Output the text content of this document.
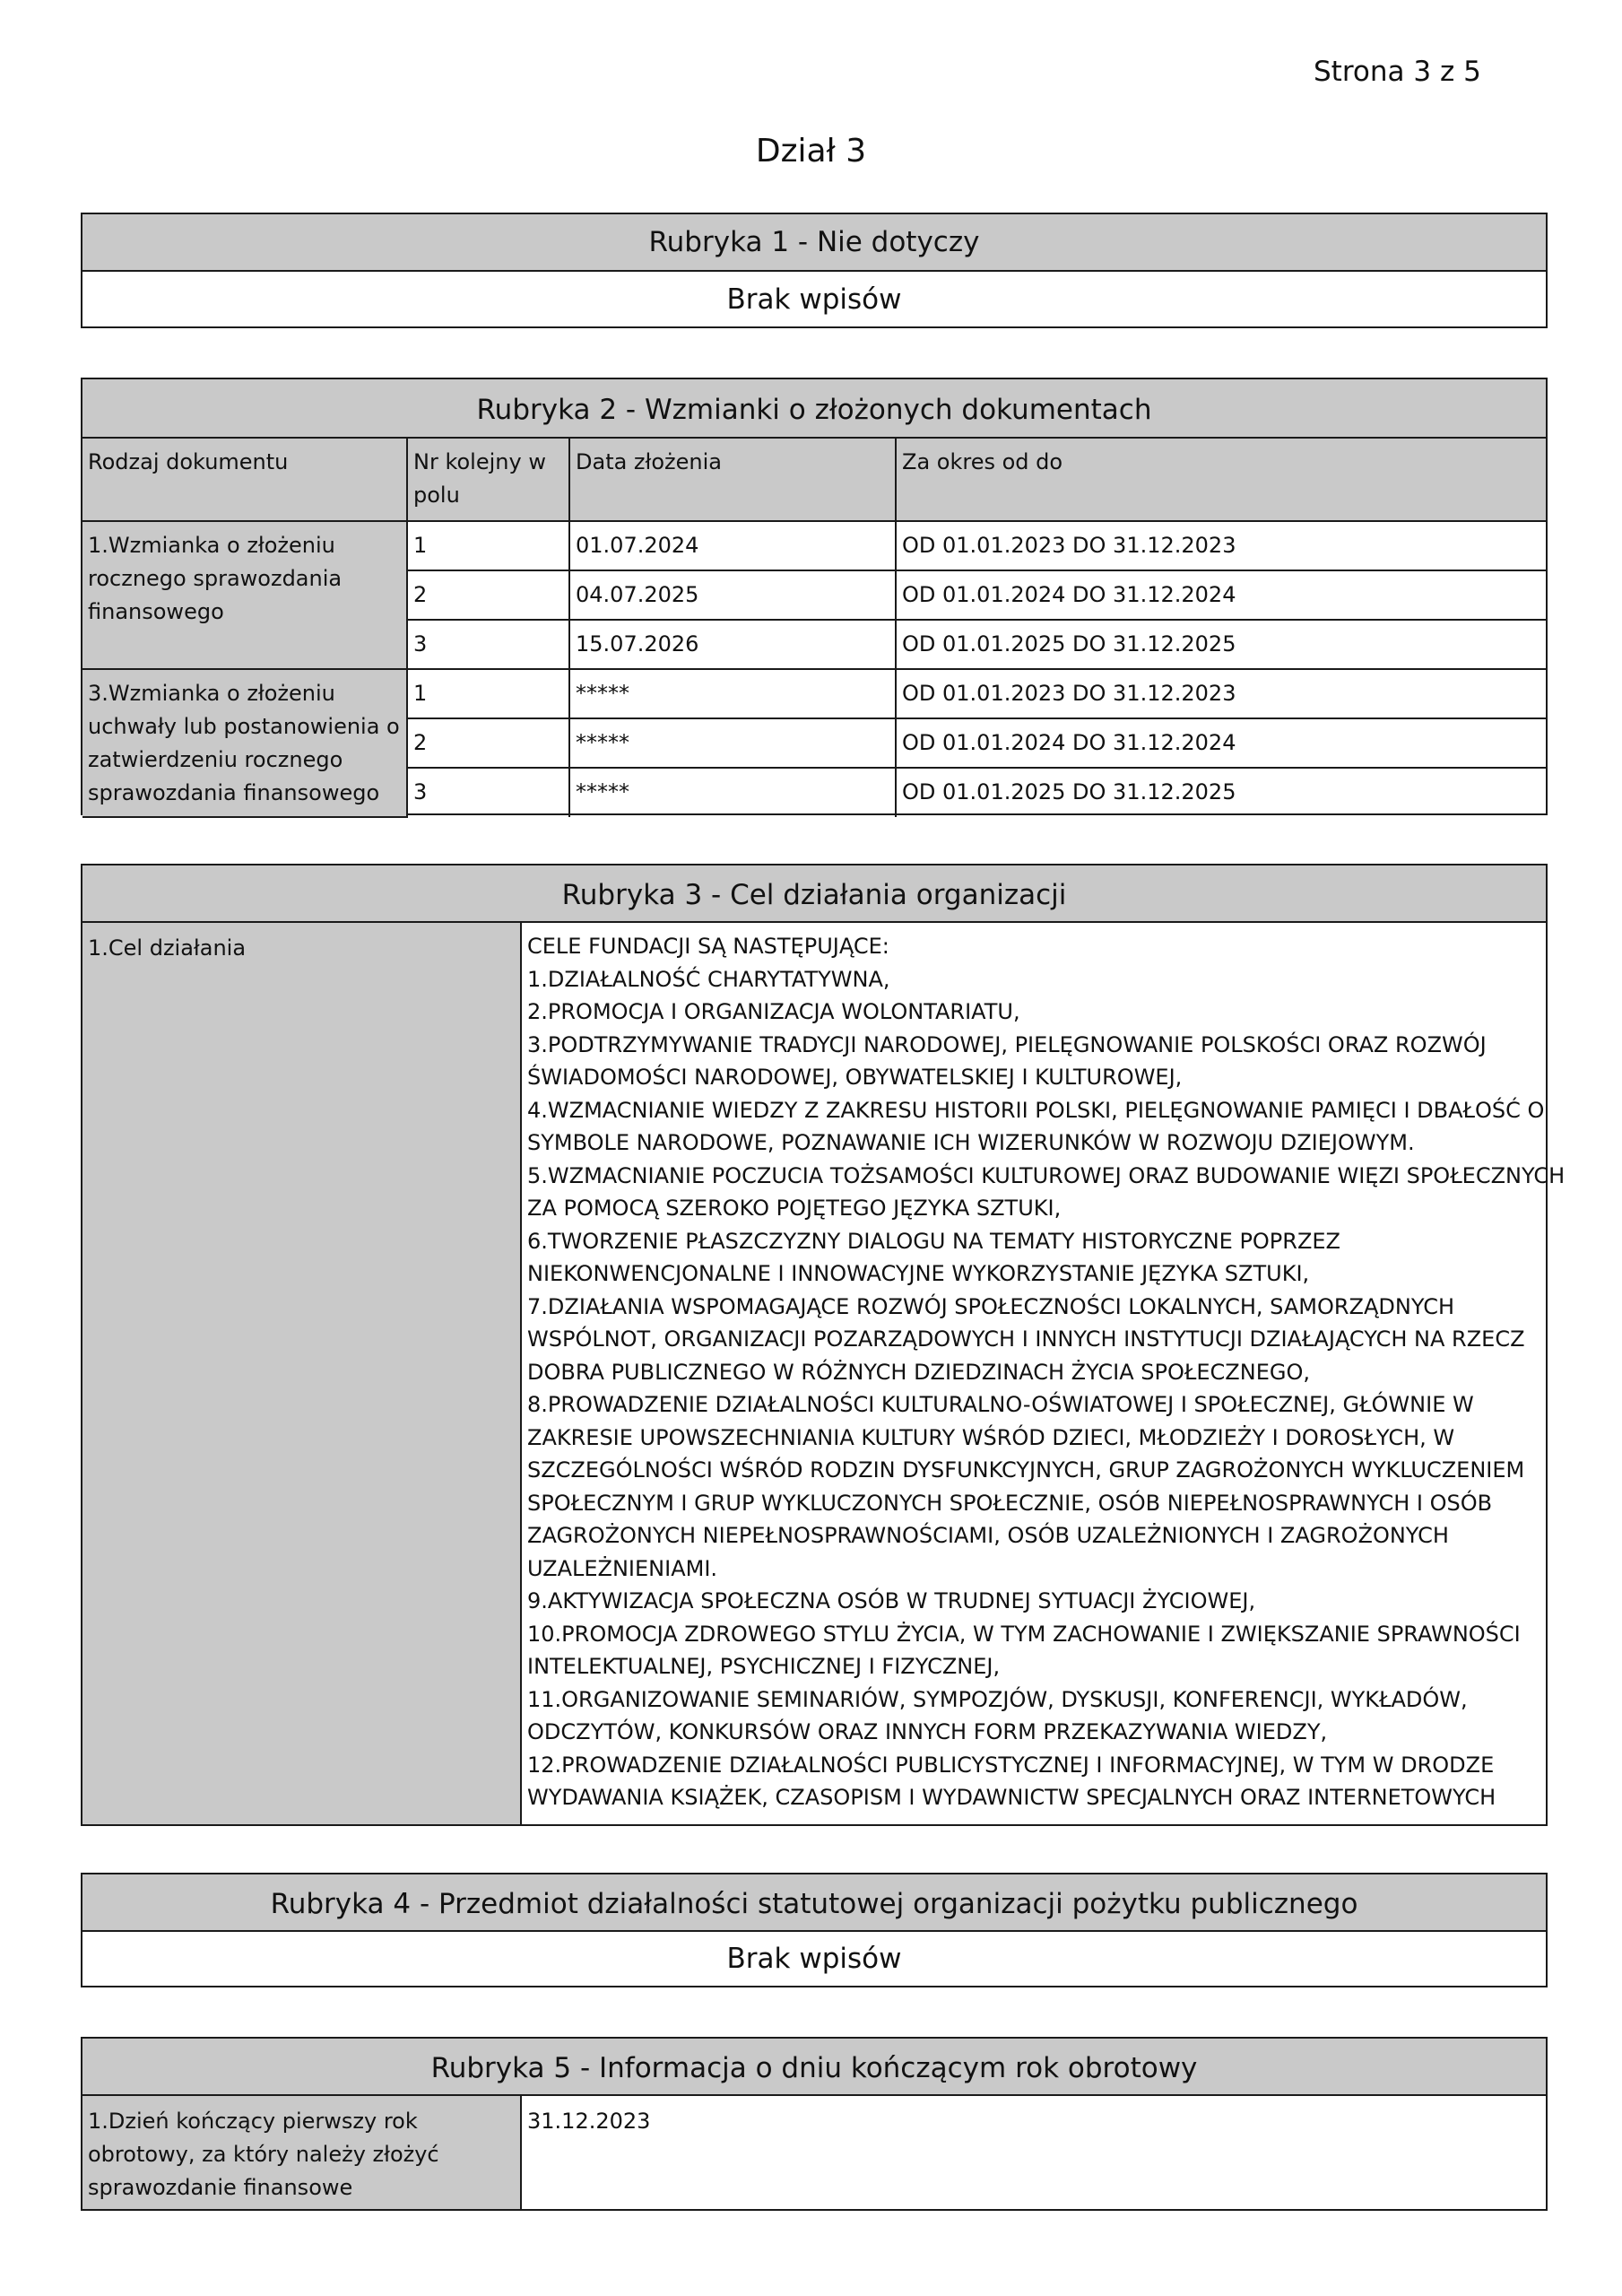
Strona 3 z 5
Dział 3
Rubryka 1 - Nie dotyczy
Brak wpisów
Rubryka 2 - Wzmianki o złożonych dokumentach
Rodzaj dokumentu	Nr kolejny w polu	Data złożenia	Za okres od do
1.Wzmianka o złożeniu rocznego sprawozdania finansowego	1	01.07.2024	OD 01.01.2023 DO 31.12.2023
	2	04.07.2025	OD 01.01.2024 DO 31.12.2024
	3	15.07.2026	OD 01.01.2025 DO 31.12.2025
3.Wzmianka o złożeniu uchwały lub postanowienia o zatwierdzeniu rocznego sprawozdania finansowego	1	*****	OD 01.01.2023 DO 31.12.2023
	2	*****	OD 01.01.2024 DO 31.12.2024
	3	*****	OD 01.01.2025 DO 31.12.2025
Rubryka 3 - Cel działania organizacji
1.Cel działania	CELE FUNDACJI SĄ NASTĘPUJĄCE:
1.DZIAŁALNOŚĆ CHARYTATYWNA,
2.PROMOCJA I ORGANIZACJA WOLONTARIATU,
3.PODTRZYMYWANIE TRADYCJI NARODOWEJ, PIELĘGNOWANIE POLSKOŚCI ORAZ ROZWÓJ
ŚWIADOMOŚCI NARODOWEJ, OBYWATELSKIEJ I KULTUROWEJ,
4.WZMACNIANIE WIEDZY Z ZAKRESU HISTORII POLSKI, PIELĘGNOWANIE PAMIĘCI I DBAŁOŚĆ O
SYMBOLE NARODOWE, POZNAWANIE ICH WIZERUNKÓW W ROZWOJU DZIEJOWYM.
5.WZMACNIANIE POCZUCIA TOŻSAMOŚCI KULTUROWEJ ORAZ BUDOWANIE WIĘZI SPOŁECZNYCH
ZA POMOCĄ SZEROKO POJĘTEGO JĘZYKA SZTUKI,
6.TWORZENIE PŁASZCZYZNY DIALOGU NA TEMATY HISTORYCZNE POPRZEZ
NIEKONWENCJONALNE I INNOWACYJNE WYKORZYSTANIE JĘZYKA SZTUKI,
7.DZIAŁANIA WSPOMAGAJĄCE ROZWÓJ SPOŁECZNOŚCI LOKALNYCH, SAMORZĄDNYCH
WSPÓLNOT, ORGANIZACJI POZARZĄDOWYCH I INNYCH INSTYTUCJI DZIAŁAJĄCYCH NA RZECZ
DOBRA PUBLICZNEGO W RÓŻNYCH DZIEDZINACH ŻYCIA SPOŁECZNEGO,
8.PROWADZENIE DZIAŁALNOŚCI KULTURALNO-OŚWIATOWEJ I SPOŁECZNEJ, GŁÓWNIE W
ZAKRESIE UPOWSZECHNIANIA KULTURY WŚRÓD DZIECI, MŁODZIEŻY I DOROSŁYCH, W
SZCZEGÓLNOŚCI WŚRÓD RODZIN DYSFUNKCYJNYCH, GRUP ZAGROŻONYCH WYKLUCZENIEM
SPOŁECZNYM I GRUP WYKLUCZONYCH SPOŁECZNIE, OSÓB NIEPEŁNOSPRAWNYCH I OSÓB
ZAGROŻONYCH NIEPEŁNOSPRAWNOŚCIAMI, OSÓB UZALEŻNIONYCH I ZAGROŻONYCH
UZALEŻNIENIAMI.
9.AKTYWIZACJA SPOŁECZNA OSÓB W TRUDNEJ SYTUACJI ŻYCIOWEJ,
10.PROMOCJA ZDROWEGO STYLU ŻYCIA, W TYM ZACHOWANIE I ZWIĘKSZANIE SPRAWNOŚCI
INTELEKTUALNEJ, PSYCHICZNEJ I FIZYCZNEJ,
11.ORGANIZOWANIE SEMINARIÓW, SYMPOZJÓW, DYSKUSJI, KONFERENCJI, WYKŁADÓW,
ODCZYTÓW, KONKURSÓW ORAZ INNYCH FORM PRZEKAZYWANIA WIEDZY,
12.PROWADZENIE DZIAŁALNOŚCI PUBLICYSTYCZNEJ I INFORMACYJNEJ, W TYM W DRODZE
WYDAWANIA KSIĄŻEK, CZASOPISM I WYDAWNICTW SPECJALNYCH ORAZ INTERNETOWYCH
Rubryka 4 - Przedmiot działalności statutowej organizacji pożytku publicznego
Brak wpisów
Rubryka 5 - Informacja o dniu kończącym rok obrotowy
1.Dzień kończący pierwszy rok obrotowy, za który należy złożyć sprawozdanie finansowe	31.12.2023
